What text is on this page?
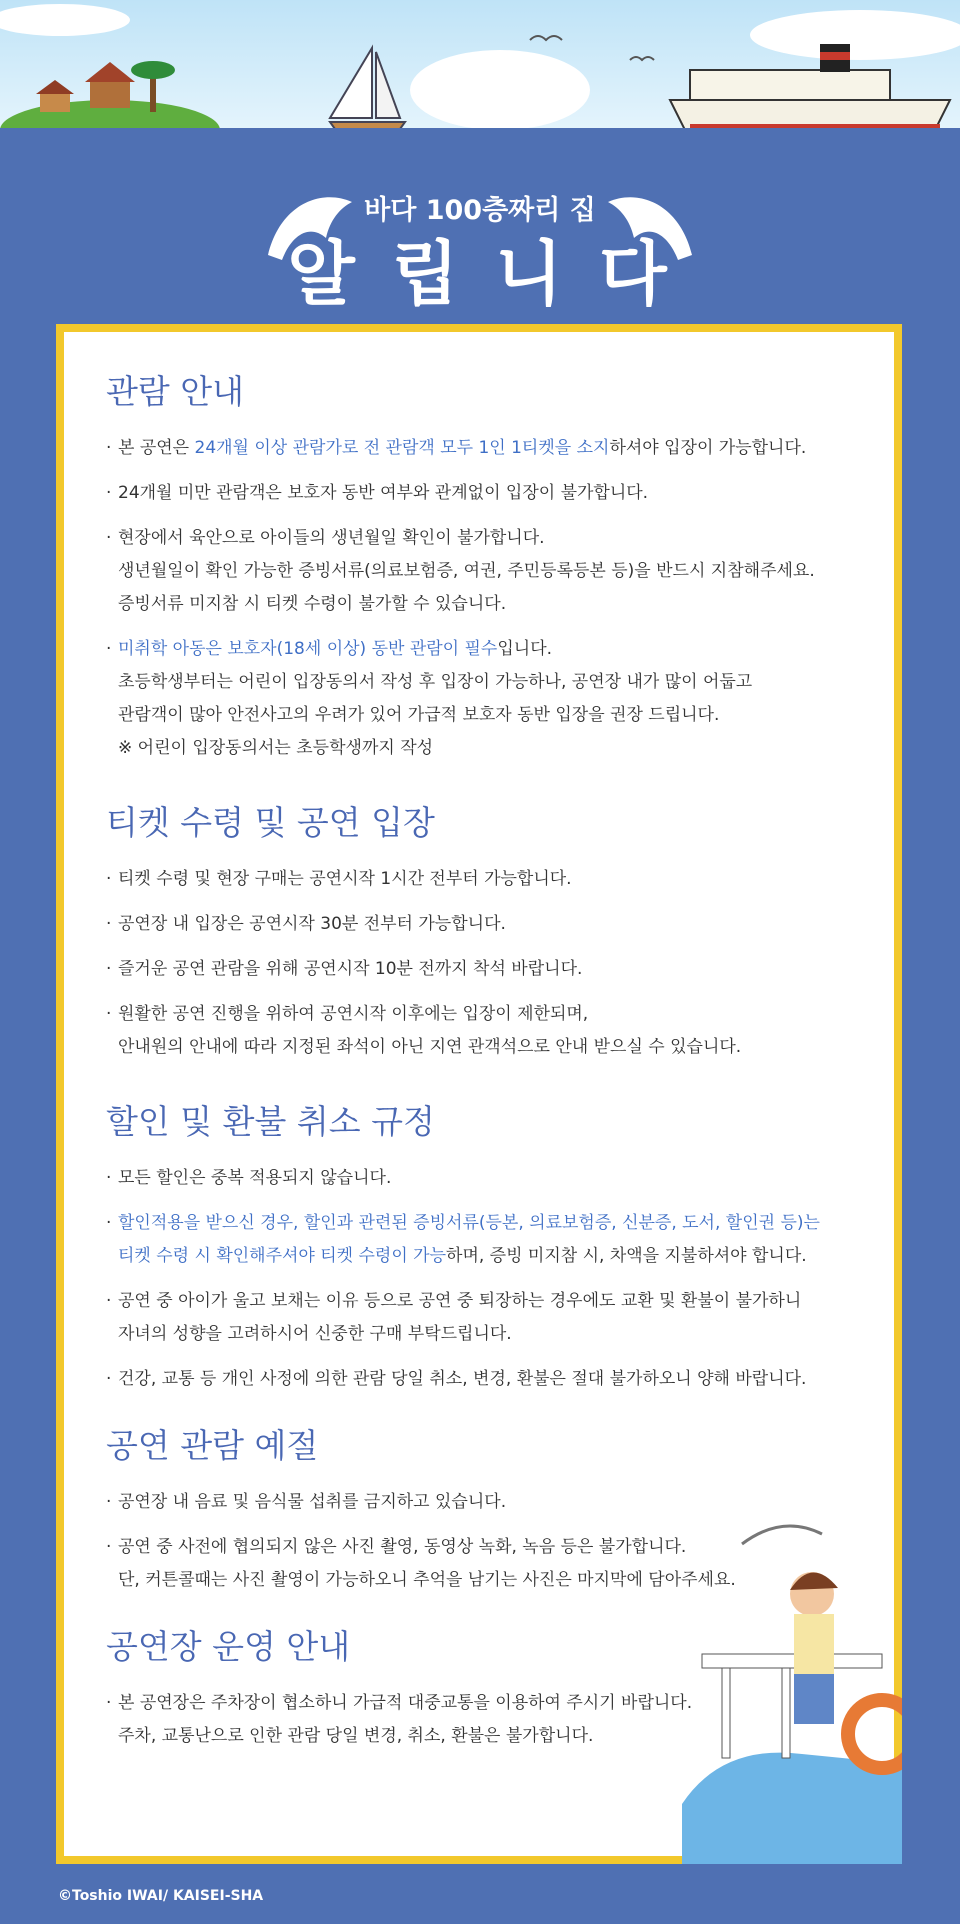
바다 100층짜리 집
알 립 니 다
관람 안내
· 본 공연은 24개월 이상 관람가로 전 관람객 모두 1인 1티켓을 소지하셔야 입장이 가능합니다.
· 24개월 미만 관람객은 보호자 동반 여부와 관계없이 입장이 불가합니다.
· 현장에서 육안으로 아이들의 생년월일 확인이 불가합니다.
생년월일이 확인 가능한 증빙서류(의료보험증, 여권, 주민등록등본 등)을 반드시 지참해주세요.
증빙서류 미지참 시 티켓 수령이 불가할 수 있습니다.
· 미취학 아동은 보호자(18세 이상) 동반 관람이 필수입니다.
초등학생부터는 어린이 입장동의서 작성 후 입장이 가능하나, 공연장 내가 많이 어둡고
관람객이 많아 안전사고의 우려가 있어 가급적 보호자 동반 입장을 권장 드립니다.
※ 어린이 입장동의서는 초등학생까지 작성
티켓 수령 및 공연 입장
· 티켓 수령 및 현장 구매는 공연시작 1시간 전부터 가능합니다.
· 공연장 내 입장은 공연시작 30분 전부터 가능합니다.
· 즐거운 공연 관람을 위해 공연시작 10분 전까지 착석 바랍니다.
· 원활한 공연 진행을 위하여 공연시작 이후에는 입장이 제한되며,
안내원의 안내에 따라 지정된 좌석이 아닌 지연 관객석으로 안내 받으실 수 있습니다.
할인 및 환불 취소 규정
· 모든 할인은 중복 적용되지 않습니다.
· 할인적용을 받으신 경우, 할인과 관련된 증빙서류(등본, 의료보험증, 신분증, 도서, 할인권 등)는
티켓 수령 시 확인해주셔야 티켓 수령이 가능하며, 증빙 미지참 시, 차액을 지불하셔야 합니다.
· 공연 중 아이가 울고 보채는 이유 등으로 공연 중 퇴장하는 경우에도 교환 및 환불이 불가하니
자녀의 성향을 고려하시어 신중한 구매 부탁드립니다.
· 건강, 교통 등 개인 사정에 의한 관람 당일 취소, 변경, 환불은 절대 불가하오니 양해 바랍니다.
공연 관람 예절
· 공연장 내 음료 및 음식물 섭취를 금지하고 있습니다.
· 공연 중 사전에 협의되지 않은 사진 촬영, 동영상 녹화, 녹음 등은 불가합니다.
단, 커튼콜때는 사진 촬영이 가능하오니 추억을 남기는 사진은 마지막에 담아주세요.
공연장 운영 안내
· 본 공연장은 주차장이 협소하니 가급적 대중교통을 이용하여 주시기 바랍니다.
주차, 교통난으로 인한 관람 당일 변경, 취소, 환불은 불가합니다.
©Toshio IWAI/ KAISEI-SHA
